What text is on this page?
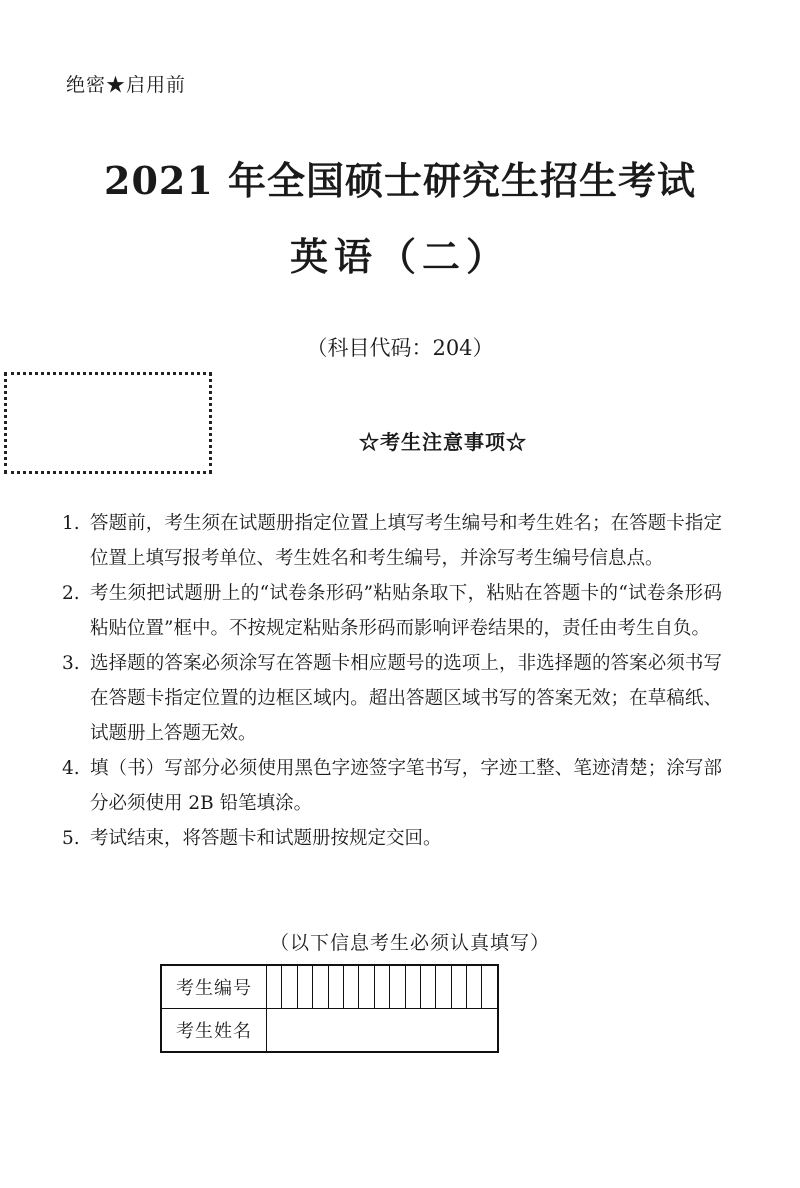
绝密★启用前
2021 年全国硕士研究生招生考试
英语（二）
（科目代码：204）
☆考生注意事项☆
1. 答题前，考生须在试题册指定位置上填写考生编号和考生姓名；在答题卡指定位置上填写报考单位、考生姓名和考生编号，并涂写考生编号信息点。
2. 考生须把试题册上的“试卷条形码”粘贴条取下，粘贴在答题卡的“试卷条形码粘贴位置”框中。不按规定粘贴条形码而影响评卷结果的，责任由考生自负。
3. 选择题的答案必须涂写在答题卡相应题号的选项上，非选择题的答案必须书写在答题卡指定位置的边框区域内。超出答题区域书写的答案无效；在草稿纸、试题册上答题无效。
4. 填（书）写部分必须使用黑色字迹签字笔书写，字迹工整、笔迹清楚；涂写部分必须使用 2B 铅笔填涂。
5. 考试结束，将答题卡和试题册按规定交回。
（以下信息考生必须认真填写）
考生编号															
考生姓名															
